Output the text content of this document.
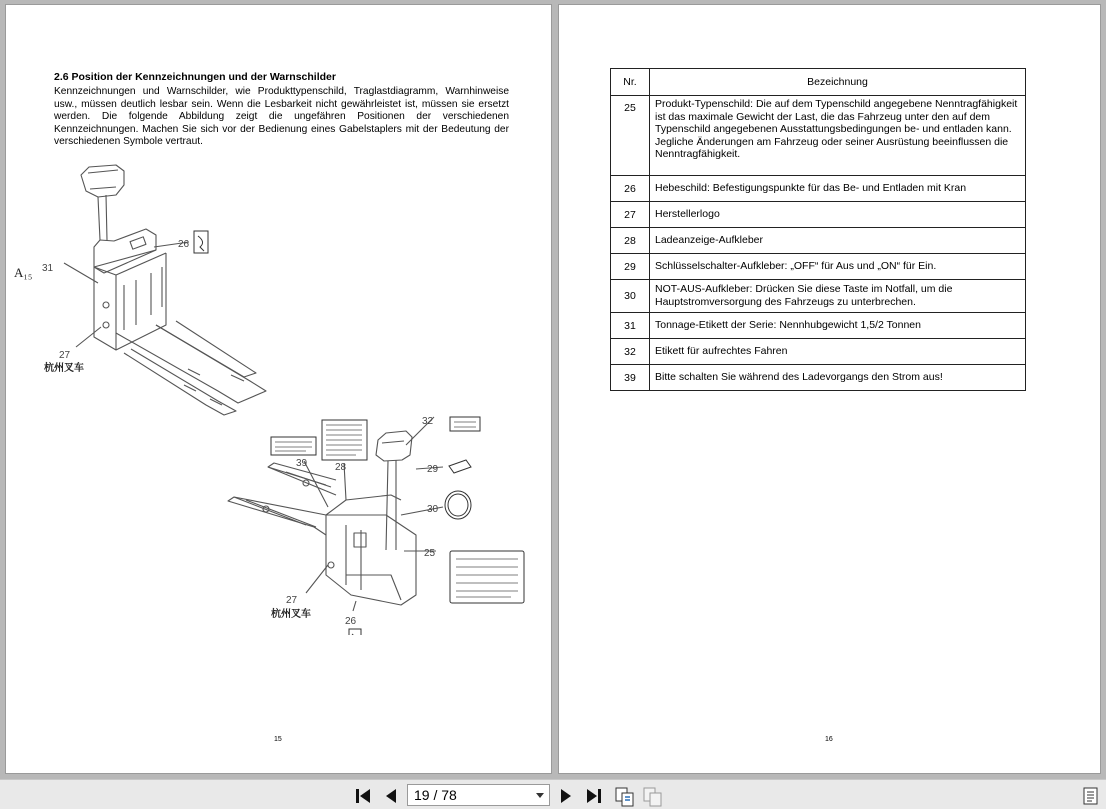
2.6 Position der Kennzeichnungen und der Warnschilder
Kennzeichnungen und Warnschilder, wie Produkttypenschild, Traglastdiagramm, Warnhinweise usw., müssen deutlich lesbar sein. Wenn die Lesbarkeit nicht gewährleistet ist, müssen sie ersetzt werden. Die folgende Abbildung zeigt die ungefähren Positionen der verschiedenen Kennzeichnungen. Machen Sie sich vor der Bedienung eines Gabelstaplers mit der Bedeutung der verschiedenen Symbole vertraut.
26
31
27
32
39	28	29
30
25
27
26
杭州叉车
杭州叉车
A₁₅
15
Nr.	Bezeichnung
25	Produkt-Typenschild: Die auf dem Typenschild angegebene Nenntragfähigkeit ist das maximale Gewicht der Last, die das Fahrzeug unter den auf dem Typenschild angegebenen Ausstattungsbedingungen be- und entladen kann. Jegliche Änderungen am Fahrzeug oder seiner Ausrüstung beeinflussen die Nenntragfähigkeit.
26	Hebeschild: Befestigungspunkte für das Be- und Entladen mit Kran
27	Herstellerlogo
28	Ladeanzeige-Aufkleber
29	Schlüsselschalter-Aufkleber: „OFF“ für Aus und „ON“ für Ein.
30	NOT-AUS-Aufkleber: Drücken Sie diese Taste im Notfall, um die Hauptstromversorgung des Fahrzeugs zu unterbrechen.
31	Tonnage-Etikett der Serie: Nennhubgewicht 1,5/2 Tonnen
32	Etikett für aufrechtes Fahren
39	Bitte schalten Sie während des Ladevorgangs den Strom aus!
16
19 / 78
